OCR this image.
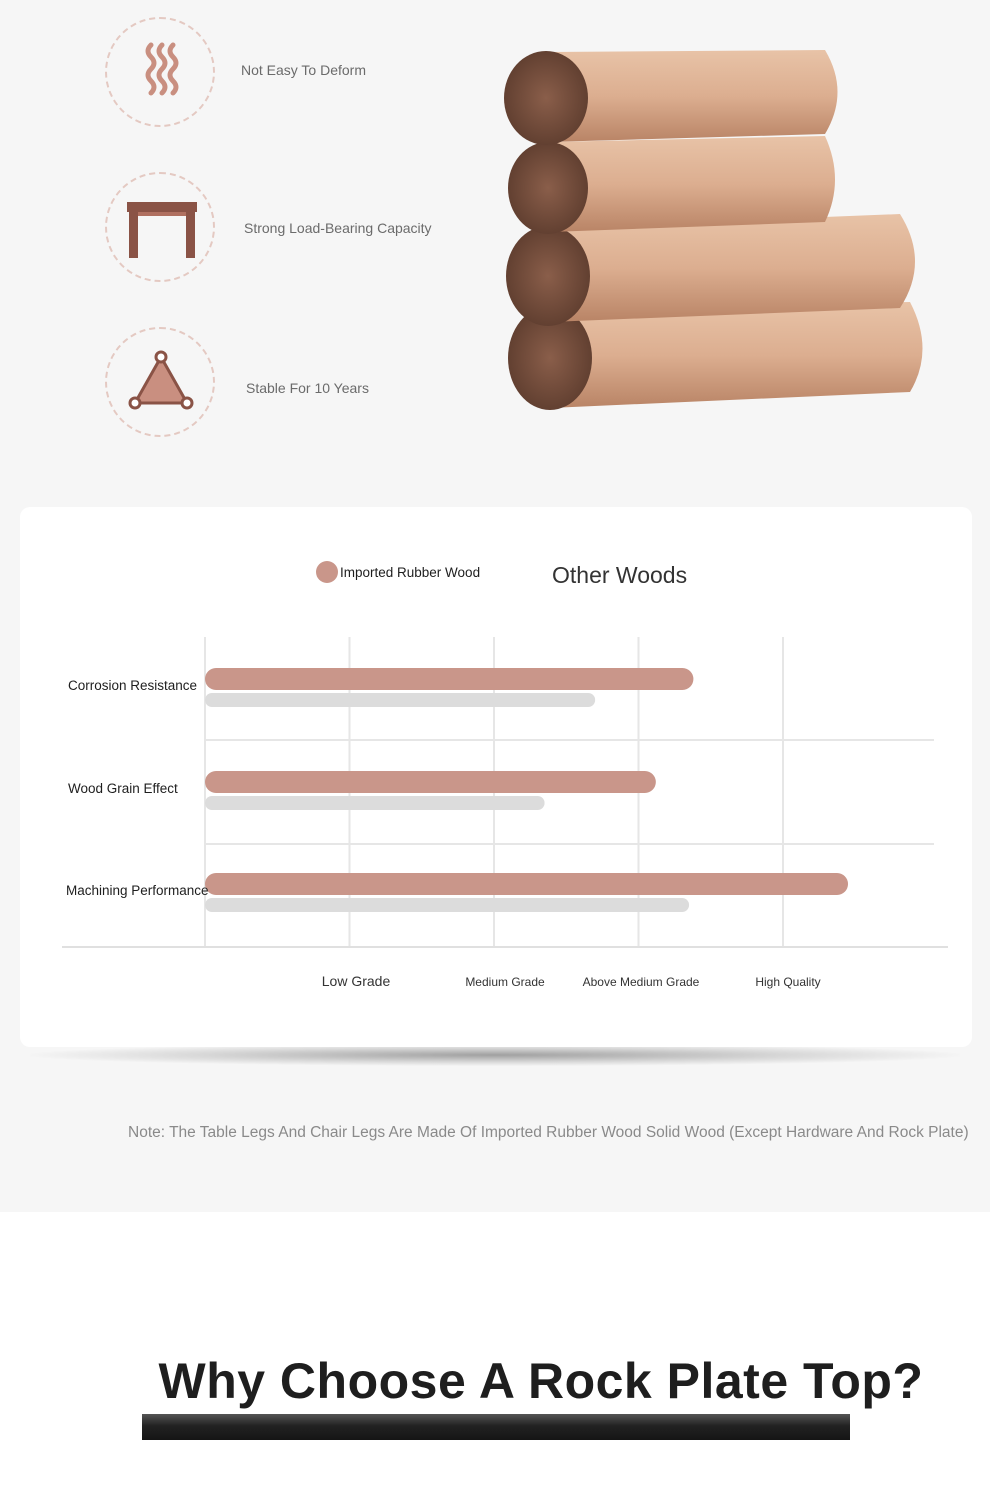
Not Easy To Deform
Strong Load-Bearing Capacity
Stable For 10 Years
Corrosion Resistance
Wood Grain Effect
Machining Performance
Low Grade	Medium Grade	Above Medium Grade	High Quality
Imported Rubber Wood	Other Woods
Note: The Table Legs And Chair Legs Are Made Of Imported Rubber Wood Solid Wood (Except Hardware And Rock Plate)
Why Choose A Rock Plate Top?
